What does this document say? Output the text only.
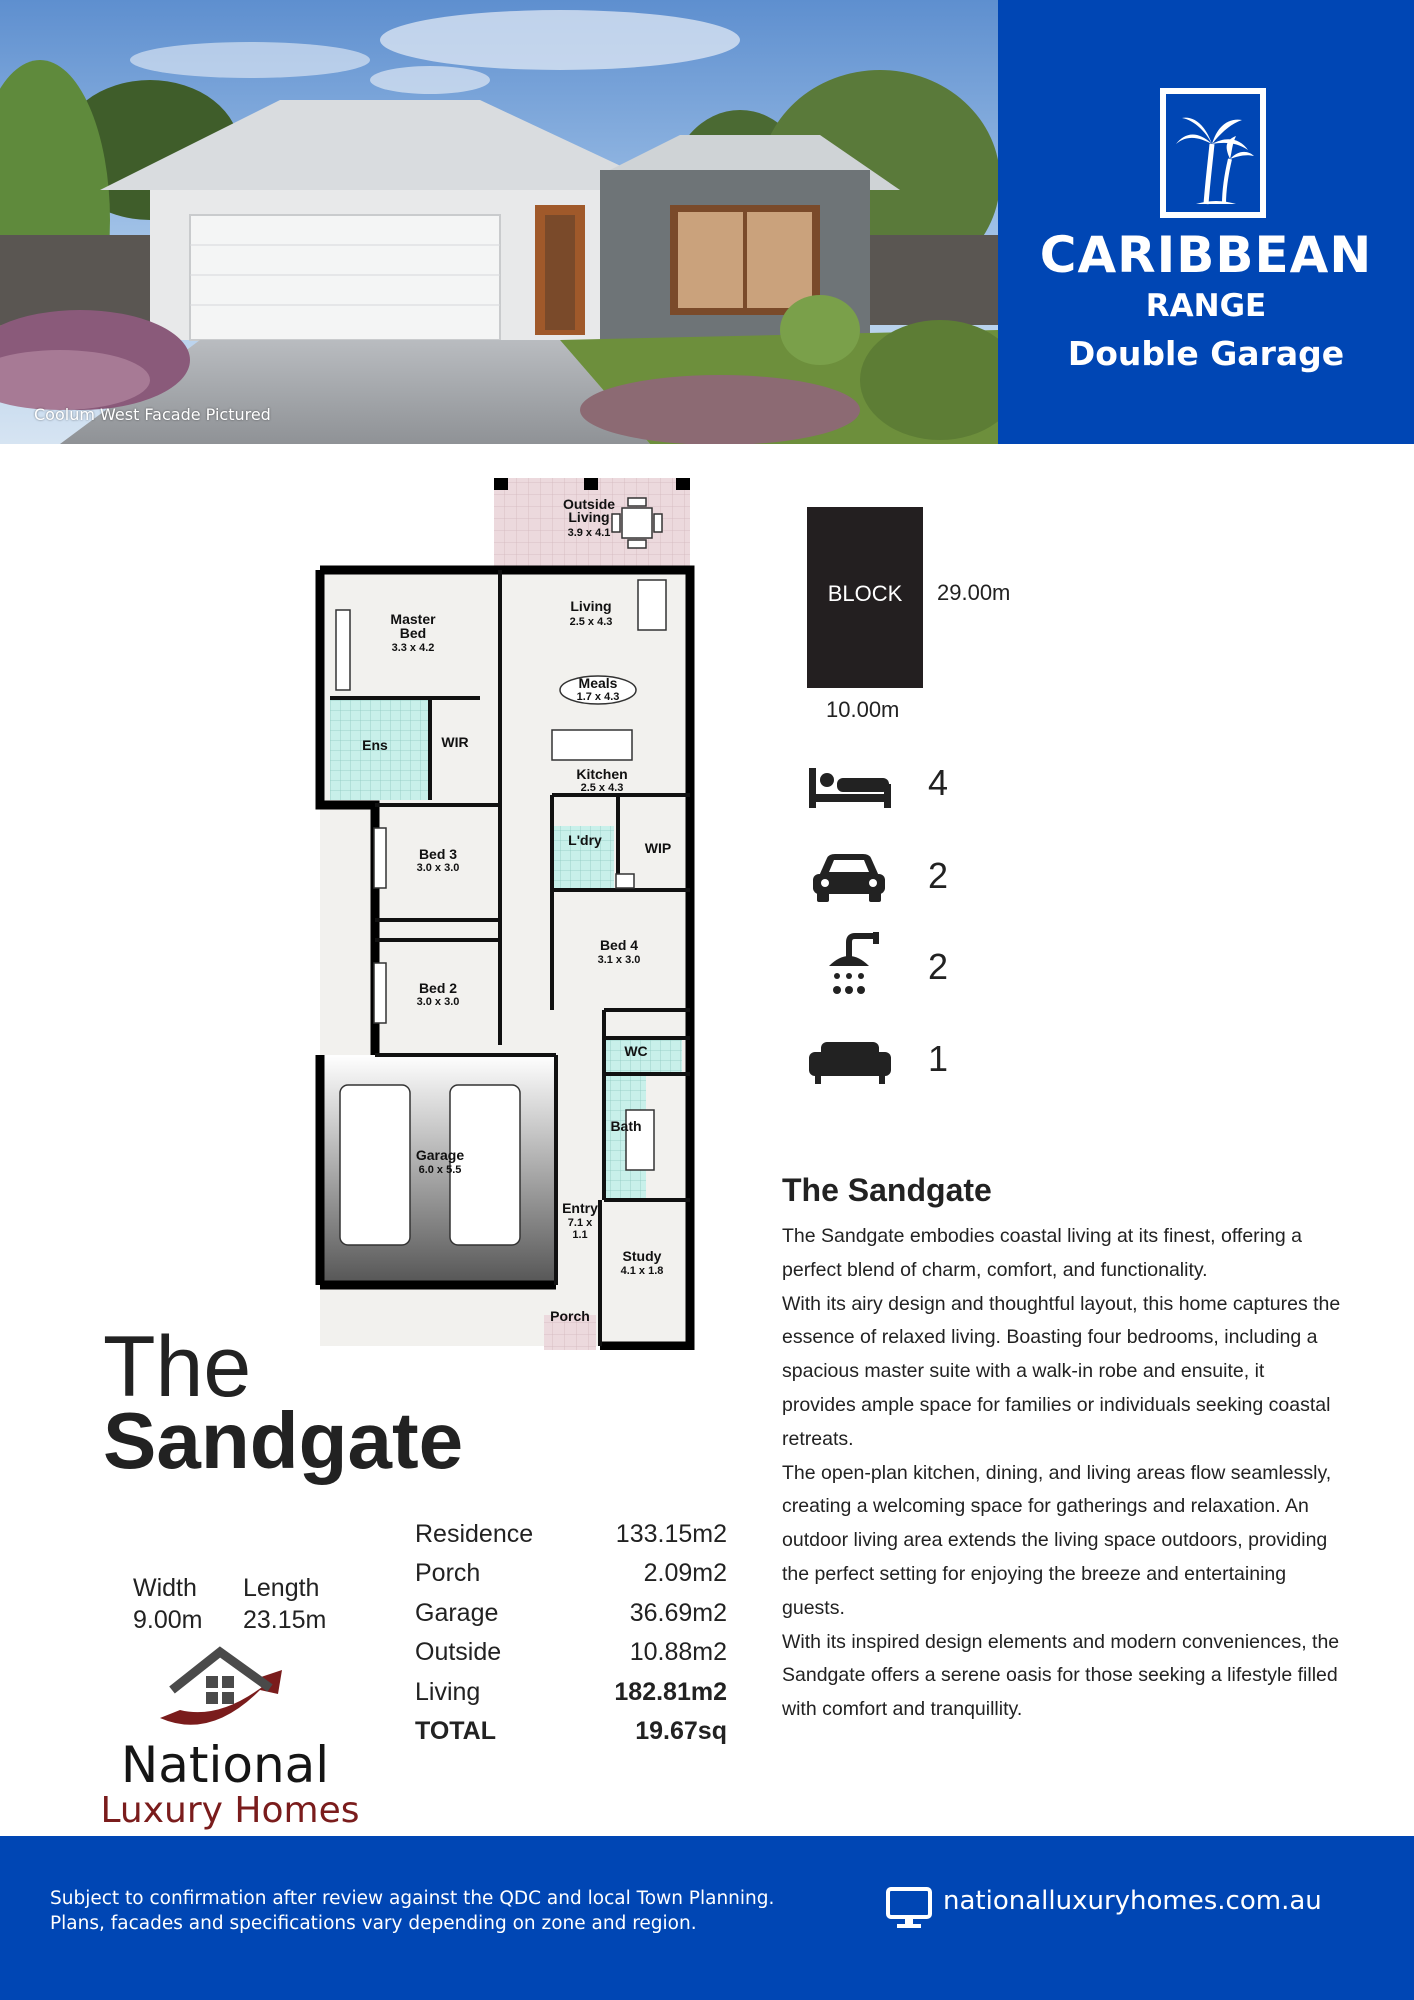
Coolum West Facade Pictured
CARIBBEAN
RANGE
Double Garage
Outside
Living
3.9 x 4.1
Master
Bed
3.3 x 4.2
Living
2.5 x 4.3
Meals
1.7 x 4.3
Ens	WIR
Kitchen
2.5 x 4.3
L'dry	WIP
Bed 3
3.0 x 3.0
Bed 4
3.1 x 3.0
Bed 2
3.0 x 3.0
WC
Bath
Garage
6.0 x 5.5
Entry
7.1 x
1.1
Study
4.1 x 1.8
Porch
BLOCK	29.00m
10.00m
4
2
2
1
The Sandgate

The Sandgate embodies coastal living at its finest, offering a perfect blend of charm, comfort, and functionality.

With its airy design and thoughtful layout, this home captures the essence of relaxed living. Boasting four bedrooms, including a spacious master suite with a walk-in robe and ensuite, it provides ample space for families or individuals seeking coastal retreats.

The open-plan kitchen, dining, and living areas flow seamlessly, creating a welcoming space for gatherings and relaxation. An outdoor living area extends the living space outdoors, providing the perfect setting for enjoying the breeze and entertaining guests.

With its inspired design elements and modern conveniences, the Sandgate offers a serene oasis for those seeking a lifestyle filled with comfort and tranquillity.

The
Sandgate
Width
9.00m
Length
23.15m
Residence	133.15m2
Porch	2.09m2
Garage	36.69m2
Outside	10.88m2
Living	182.81m2
TOTAL	19.67sq
National
Luxury Homes
Subject to confirmation after review against the QDC and local Town Planning.
Plans, facades and specifications vary depending on zone and region.
nationalluxuryhomes.com.au
